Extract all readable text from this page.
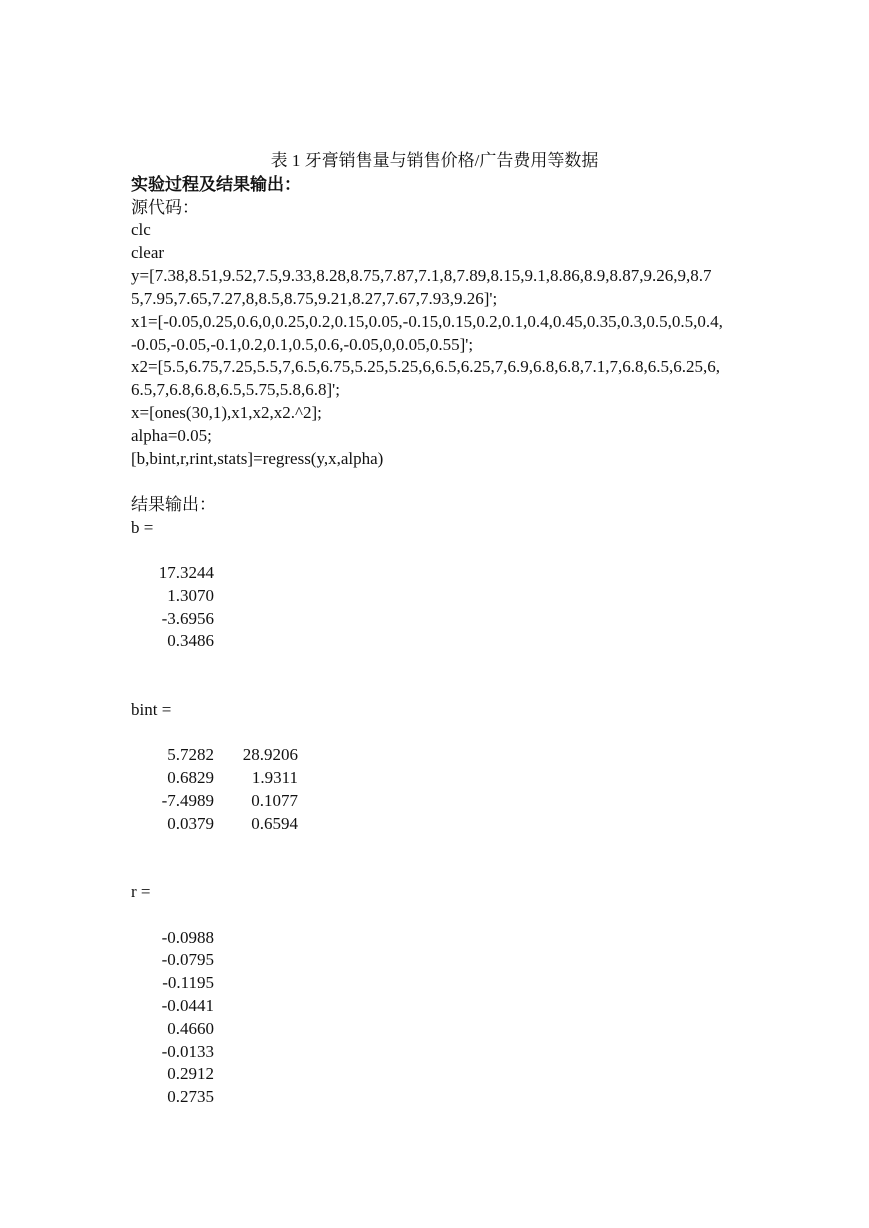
表 1 牙膏销售量与销售价格/广告费用等数据
实验过程及结果输出：
源代码：
clc
clear
y=[7.38,8.51,9.52,7.5,9.33,8.28,8.75,7.87,7.1,8,7.89,8.15,9.1,8.86,8.9,8.87,9.26,9,8.7
5,7.95,7.65,7.27,8,8.5,8.75,9.21,8.27,7.67,7.93,9.26]';
x1=[-0.05,0.25,0.6,0,0.25,0.2,0.15,0.05,-0.15,0.15,0.2,0.1,0.4,0.45,0.35,0.3,0.5,0.5,0.4,
-0.05,-0.05,-0.1,0.2,0.1,0.5,0.6,-0.05,0,0.05,0.55]';
x2=[5.5,6.75,7.25,5.5,7,6.5,6.75,5.25,5.25,6,6.5,6.25,7,6.9,6.8,6.8,7.1,7,6.8,6.5,6.25,6,
6.5,7,6.8,6.8,6.5,5.75,5.8,6.8]';
x=[ones(30,1),x1,x2,x2.^2];
alpha=0.05;
[b,bint,r,rint,stats]=regress(y,x,alpha)
结果输出：
b =
17.3244
1.3070
-3.6956
0.3486
bint =
5.7282	28.9206
0.6829	1.9311
-7.4989	0.1077
0.0379	0.6594
r =
-0.0988
-0.0795
-0.1195
-0.0441
0.4660
-0.0133
0.2912
0.2735
